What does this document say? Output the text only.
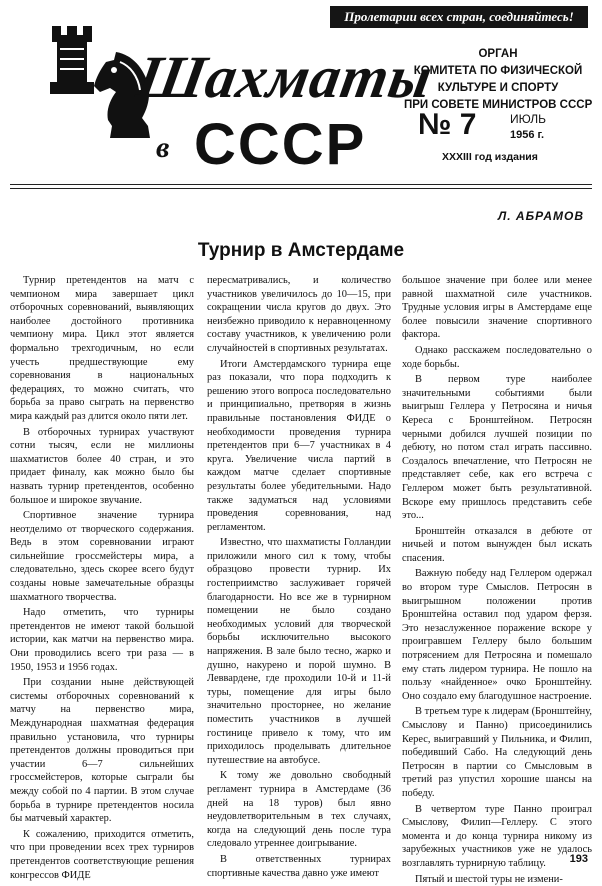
Пролетарии всех стран, соединяйтесь!
Шахматы
в СССР
ОРГАН
КОМИТЕТА ПО ФИЗИЧЕСКОЙ
КУЛЬТУРЕ И СПОРТУ
ПРИ СОВЕТЕ МИНИСТРОВ СССР
№ 7	ИЮЛЬ
1956 г.
XXXIII год издания
Л. АБРАМОВ
Турнир в Амстердаме

Турнир претендентов на матч с чемпионом мира завершает цикл отборочных соревнований, выявляющих наиболее достойного противника чемпиону мира. Цикл этот является формально трехгодичным, но если учесть предшествующие ему соревнования в национальных федерациях, то можно считать, что борьба за право сыграть на первенство мира каждый раз длится около пяти лет.

В отборочных турнирах участвуют сотни тысяч, если не миллионы шахматистов более 40 стран, и это придает финалу, как можно было бы назвать турнир претендентов, особенно большое и широкое звучание.

Спортивное значение турнира неотделимо от творческого содержания. Ведь в этом соревновании играют сильнейшие гроссмейстеры мира, а следовательно, здесь скорее всего будут созданы новые замечательные образцы шахматного творчества.

Надо отметить, что турниры претендентов не имеют такой большой истории, как матчи на первенство мира. Они проводились всего три раза — в 1950, 1953 и 1956 годах.

При создании ныне действующей системы отборочных соревнований к матчу на первенство мира, Международная шахматная федерация правильно установила, что турниры претендентов должны проводиться при участии 6—7 сильнейших гроссмейстеров, которые сыграли бы между собой по 4 партии. В этом случае борьба в турнире претендентов носила бы матчевый характер.

К сожалению, приходится отметить, что при проведении всех трех турниров претендентов соответствующие решения конгрессов ФИДЕ

пересматривались, и количество участников увеличилось до 10—15, при сокращении числа кругов до двух. Это неизбежно приводило к неравноценному составу участников, к увеличению роли случайностей в спортивных результатах.

Итоги Амстердамского турнира еще раз показали, что пора подходить к решению этого вопроса последовательно и принципиально, претворяя в жизнь правильные постановления ФИДЕ о необходимости проведения турнира претендентов при 6—7 участниках в 4 круга. Увеличение числа партий в каждом матче сделает спортивные результаты более убедительными. Надо также задуматься над условиями проведения соревнования, над регламентом.

Известно, что шахматисты Голландии приложили много сил к тому, чтобы образцово провести турнир. Их гостеприимство заслуживает горячей благодарности. Но все же в турнирном помещении не было создано необходимых условий для творческой борьбы исключительно высокого напряжения. В зале было тесно, жарко и душно, накурено и порой шумно. В Леввардене, где проходили 10-й и 11-й туры, помещение для игры было значительно просторнее, но желание поместить участников в лучшей гостинице привело к тому, что им приходилось проделывать длительное путешествие на автобусе.

К тому же довольно свободный регламент турнира в Амстердаме (36 дней на 18 туров) был явно неудовлетворительным в тех случаях, когда на следующий день после тура следовало утреннее доигрывание.

В ответственных турнирах спортивные качества давно уже имеют

большое значение при более или менее равной шахматной силе участников. Трудные условия игры в Амстердаме еще более повысили значение спортивного фактора.

Однако расскажем последовательно о ходе борьбы.

В первом туре наиболее значительными событиями были выигрыш Геллера у Петросяна и ничья Кереса с Бронштейном. Петросян черными добился лучшей позиции по дебюту, но потом стал играть пассивно. Создалось впечатление, что Петросян не представляет себе, как его встреча с Геллером может быть результативной. Вскоре ему пришлось представить себе это...

Бронштейн отказался в дебюте от ничьей и потом вынужден был искать спасения.

Важную победу над Геллером одержал во втором туре Смыслов. Петросян в выигрышном положении против Бронштейна оставил под ударом ферзя. Это незаслуженное поражение вскоре у проигравшем Геллеру было большим потрясением для Петросяна и помешало ему стать лидером турнира. Не пошло на пользу «найденное» очко Бронштейну. Оно создало ему благодушное настроение.

В третьем туре к лидерам (Бронштейну, Смыслову и Панно) присоединились Керес, выигравший у Пильника, и Филип, победивший Сабо. На следующий день Петросян в партии со Смысловым в третий раз упустил хорошие шансы на победу.

В четвертом туре Панно проиграл Смыслову, Филип—Геллеру. С этого момента и до конца турнира никому из зарубежных участников уже не удалось возглавлять турнирную таблицу.

Пятый и шестой туры не измени-

193
